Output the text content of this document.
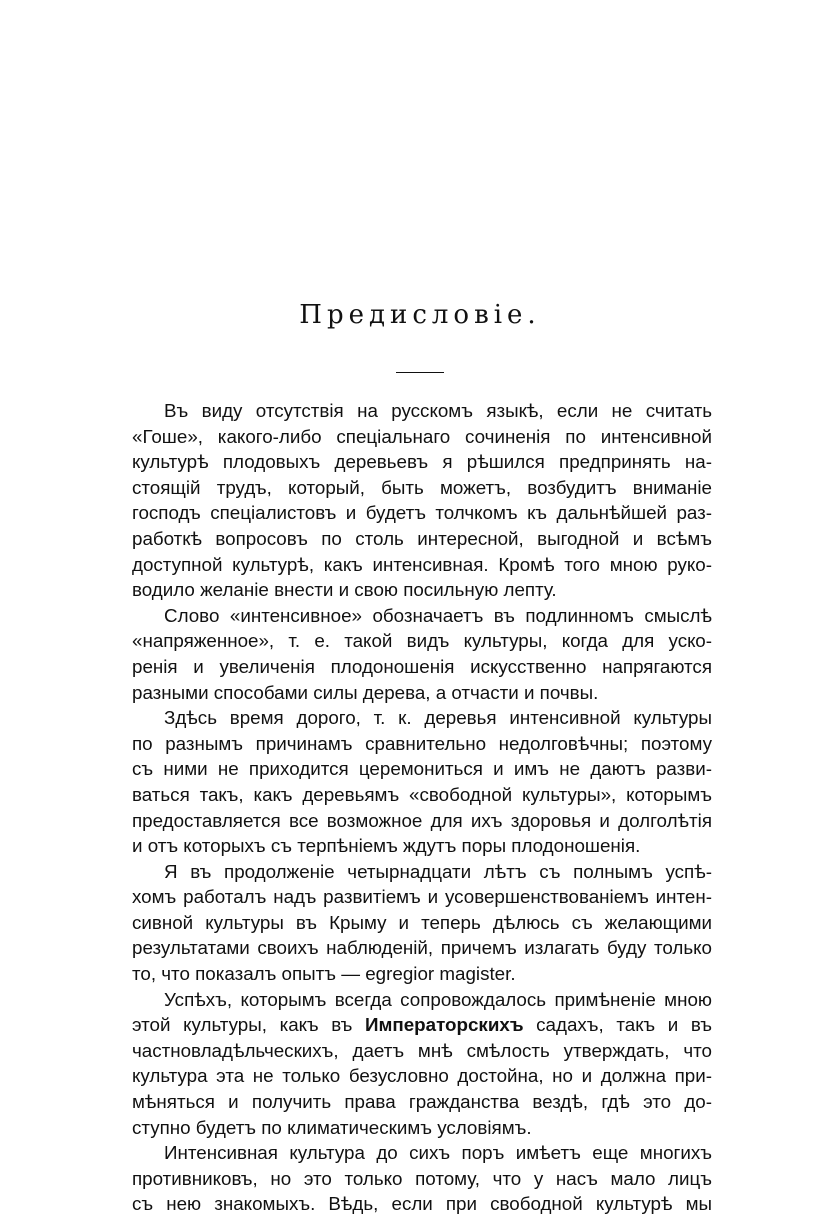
Предисловіе.
Въ виду отсутствія на русскомъ языкѣ, если не считать
«Гоше», какого-либо спеціальнаго сочиненія по интенсивной
культурѣ плодовыхъ деревьевъ я рѣшился предпринять на-
стоящій трудъ, который, быть можетъ, возбудитъ вниманіе
господъ спеціалистовъ и будетъ толчкомъ къ дальнѣйшей раз-
работкѣ вопросовъ по столь интересной, выгодной и всѣмъ
доступной культурѣ, какъ интенсивная. Кромѣ того мною руко-
водило желаніе внести и свою посильную лепту.
Слово «интенсивное» обозначаетъ въ подлинномъ смыслѣ
«напряженное», т. е. такой видъ культуры, когда для ускo-
ренія и увеличенія плодоношенія искусственно напрягаются
разными способами силы дерева, а отчасти и почвы.
Здѣсь время дорого, т. к. деревья интенсивной культуры
по разнымъ причинамъ сравнительно недолговѣчны; поэтому
съ ними не приходится церемониться и имъ не даютъ разви-
ваться такъ, какъ деревьямъ «свободной культуры», которымъ
предоставляется все возможное для ихъ здоровья и долголѣтія
и отъ которыхъ съ терпѣніемъ ждутъ поры плодоношенія.
Я въ продолженіе четырнадцати лѣтъ съ полнымъ успѣ-
хомъ работалъ надъ развитіемъ и усовершенствованіемъ интен-
сивной культуры въ Крыму и теперь дѣлюсь съ желающими
результатами своихъ наблюденій, причемъ излагать буду только
то, что показалъ опытъ — egregior magister.
Успѣхъ, которымъ всегда сопровождалось примѣненіе мною
этой культуры, какъ въ Императорскихъ садахъ, такъ и въ
частновладѣльческихъ, даетъ мнѣ смѣлость утверждать, что
культура эта не только безусловно достойна, но и должна при-
мѣняться и получить права гражданства вездѣ, гдѣ это до-
ступно будетъ по климатическимъ условіямъ.
Интенсивная культура до сихъ поръ имѣетъ еще многихъ
противниковъ, но это только потому, что у насъ мало лицъ
съ нею знакомыхъ. Вѣдь, если при свободной культурѣ мы
